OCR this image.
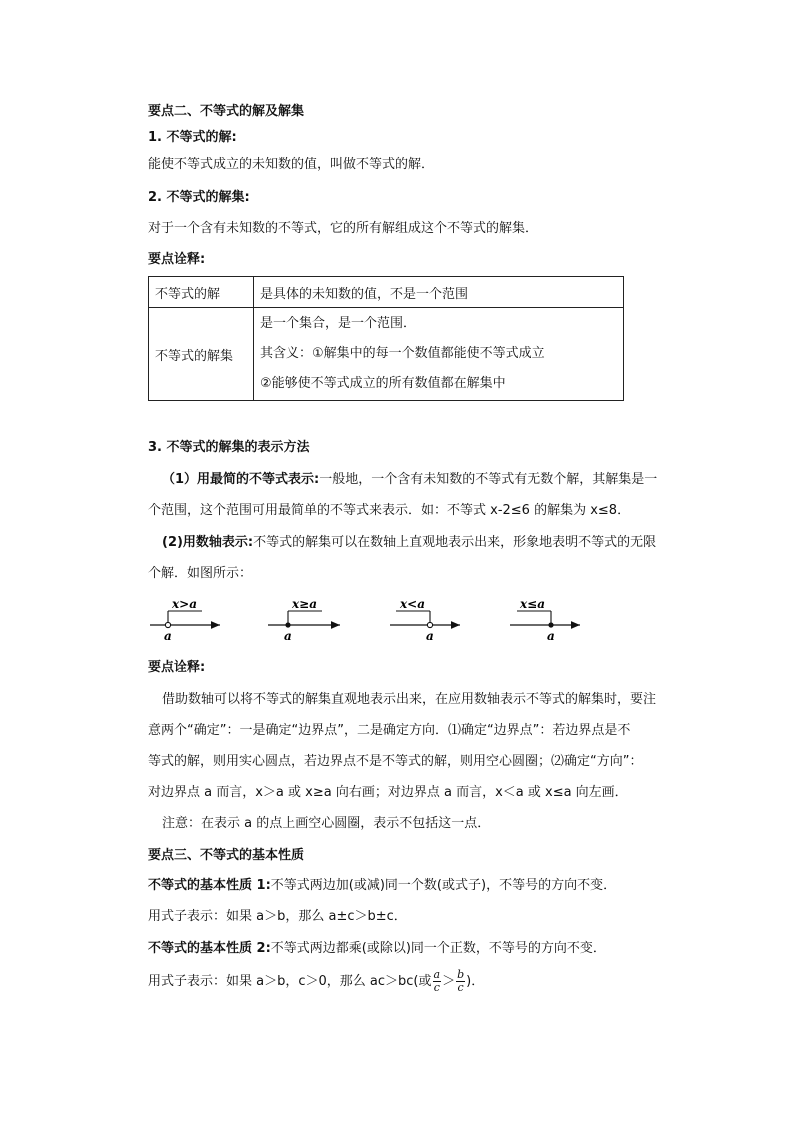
要点二、不等式的解及解集
1. 不等式的解:
能使不等式成立的未知数的值，叫做不等式的解．
2. 不等式的解集:
对于一个含有未知数的不等式，它的所有解组成这个不等式的解集．
要点诠释:
不等式的解	是具体的未知数的值，不是一个范围
不等式的解集	是一个集合，是一个范围．
其含义：①解集中的每一个数值都能使不等式成立
②能够使不等式成立的所有数值都在解集中
3. 不等式的解集的表示方法
（1）用最简的不等式表示:一般地，一个含有未知数的不等式有无数个解，其解集是一
个范围，这个范围可用最简单的不等式来表示．如：不等式 x-2≤6 的解集为 x≤8．
(2)用数轴表示:不等式的解集可以在数轴上直观地表示出来，形象地表明不等式的无限
个解．如图所示：
x>a
a
x≥a
a
x<a
a
x≤a
a
要点诠释:
借助数轴可以将不等式的解集直观地表示出来，在应用数轴表示不等式的解集时，要注
意两个“确定”：一是确定“边界点”，二是确定方向．⑴确定“边界点”：若边界点是不
等式的解，则用实心圆点，若边界点不是不等式的解，则用空心圆圈；⑵确定“方向”：
对边界点 a 而言，x＞a 或 x≥a 向右画；对边界点 a 而言，x＜a 或 x≤a 向左画．
注意：在表示 a 的点上画空心圆圈，表示不包括这一点．
要点三、不等式的基本性质
不等式的基本性质 1:不等式两边加(或减)同一个数(或式子)，不等号的方向不变．
用式子表示：如果 a＞b，那么 a±c＞b±c．
不等式的基本性质 2:不等式两边都乘(或除以)同一个正数，不等号的方向不变．
用式子表示：如果 a＞b，c＞0，那么 ac＞bc(或 $\frac{a}{c} > \frac{b}{c}$ )．
